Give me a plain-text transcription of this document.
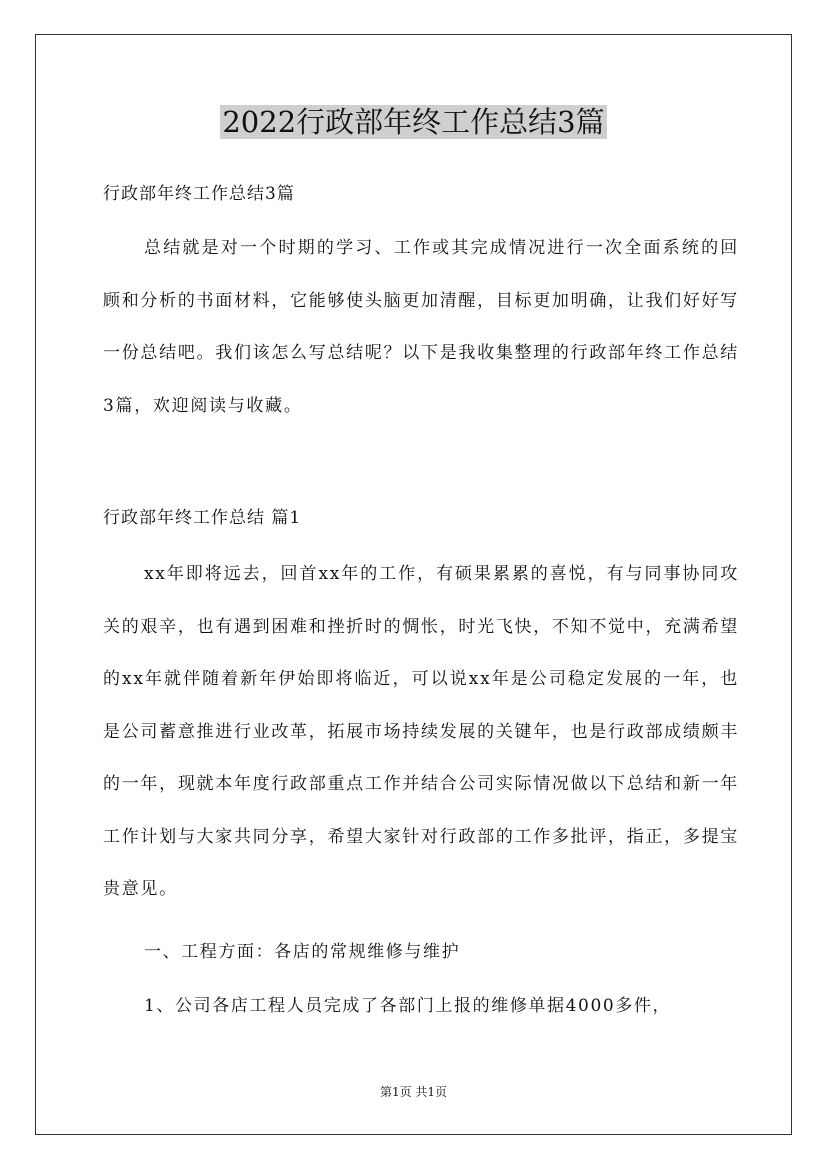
2022行政部年终工作总结3篇

行政部年终工作总结3篇

总结就是对一个时期的学习、工作或其完成情况进行一次全面系统的回顾和分析的书面材料，它能够使头脑更加清醒，目标更加明确，让我们好好写一份总结吧。我们该怎么写总结呢？以下是我收集整理的行政部年终工作总结3篇，欢迎阅读与收藏。

行政部年终工作总结 篇1

xx年即将远去，回首xx年的工作，有硕果累累的喜悦，有与同事协同攻关的艰辛，也有遇到困难和挫折时的惆怅，时光飞快，不知不觉中，充满希望的xx年就伴随着新年伊始即将临近，可以说xx年是公司稳定发展的一年，也是公司蓄意推进行业改革，拓展市场持续发展的关键年，也是行政部成绩颇丰的一年，现就本年度行政部重点工作并结合公司实际情况做以下总结和新一年工作计划与大家共同分享，希望大家针对行政部的工作多批评，指正，多提宝贵意见。

一、工程方面：各店的常规维修与维护

1、公司各店工程人员完成了各部门上报的维修单据4000多件，

第1页 共1页
